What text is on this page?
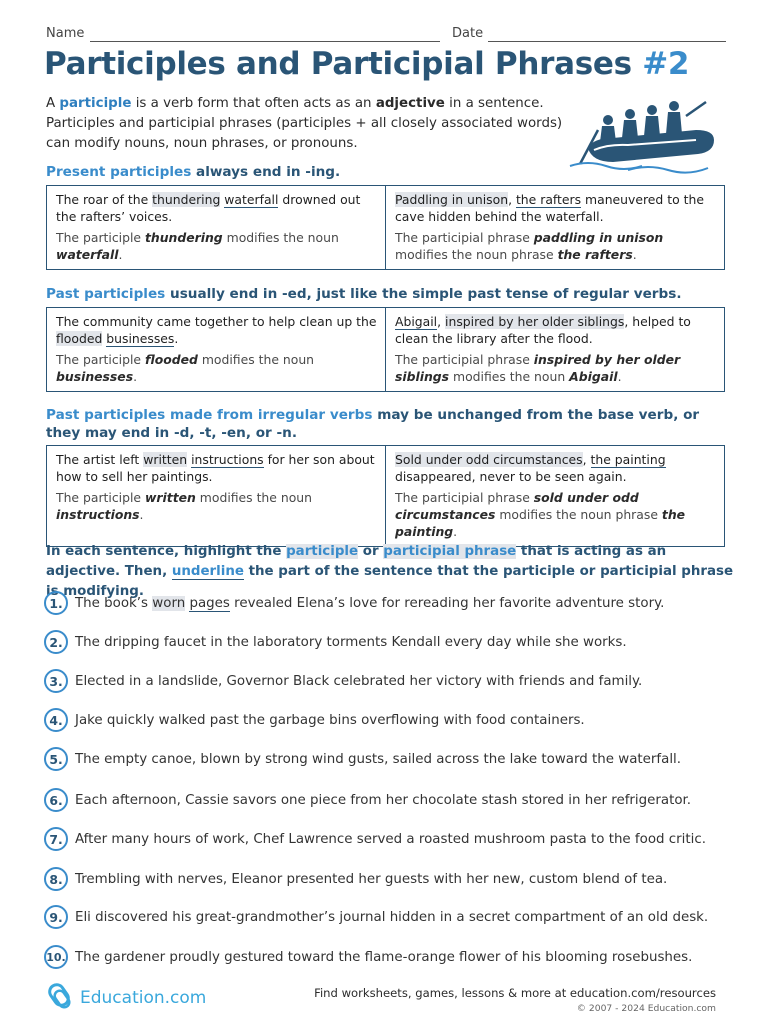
Name	Date
Participles and Participial Phrases #2
A participle is a verb form that often acts as an adjective in a sentence. Participles and participial phrases (participles + all closely associated words) can modify nouns, noun phrases, or pronouns.
Present participles always end in -ing.
The roar of the thundering waterfall drowned out the rafters’ voices.
The participle thundering modifies the noun waterfall.
Paddling in unison, the rafters maneuvered to the cave hidden behind the waterfall.
The participial phrase paddling in unison modifies the noun phrase the rafters.
Past participles usually end in -ed, just like the simple past tense of regular verbs.
The community came together to help clean up the flooded businesses.
The participle flooded modifies the noun businesses.
Abigail, inspired by her older siblings, helped to clean the library after the flood.
The participial phrase inspired by her older siblings modifies the noun Abigail.
Past participles made from irregular verbs may be unchanged from the base verb, or they may end in -d, -t, -en, or -n.
The artist left written instructions for her son about how to sell her paintings.
The participle written modifies the noun instructions.
Sold under odd circumstances, the painting disappeared, never to be seen again.
The participial phrase sold under odd circumstances modifies the noun phrase the painting.
In each sentence, highlight the participle or participial phrase that is acting as an adjective. Then, underline the part of the sentence that the participle or participial phrase is modifying.
1. The book’s worn pages revealed Elena’s love for rereading her favorite adventure story.
2. The dripping faucet in the laboratory torments Kendall every day while she works.
3. Elected in a landslide, Governor Black celebrated her victory with friends and family.
4. Jake quickly walked past the garbage bins overflowing with food containers.
5. The empty canoe, blown by strong wind gusts, sailed across the lake toward the waterfall.
6. Each afternoon, Cassie savors one piece from her chocolate stash stored in her refrigerator.
7. After many hours of work, Chef Lawrence served a roasted mushroom pasta to the food critic.
8. Trembling with nerves, Eleanor presented her guests with her new, custom blend of tea.
9. Eli discovered his great-grandmother’s journal hidden in a secret compartment of an old desk.
10. The gardener proudly gestured toward the flame-orange flower of his blooming rosebushes.
Education.com	Find worksheets, games, lessons & more at education.com/resources
© 2007 - 2024 Education.com
